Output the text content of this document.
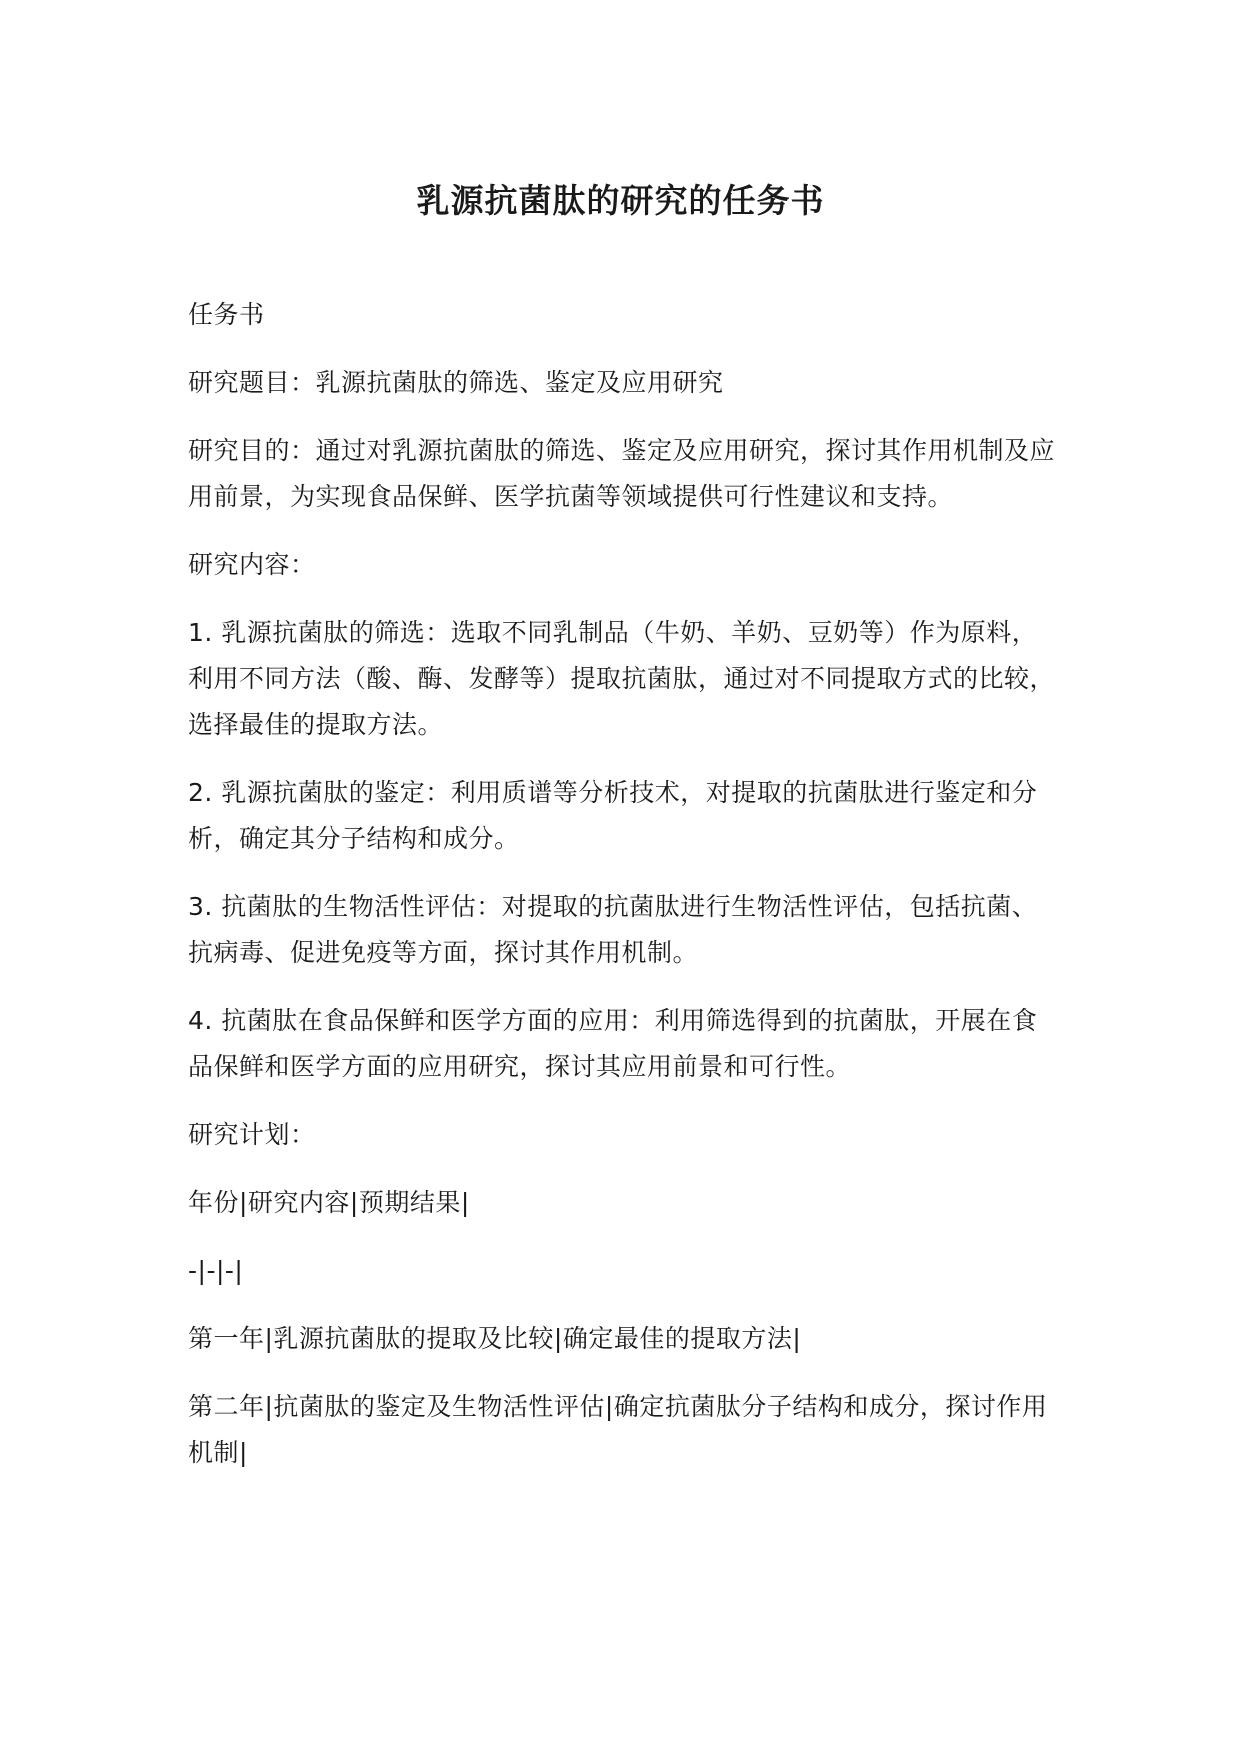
乳源抗菌肽的研究的任务书

任务书

研究题目：乳源抗菌肽的筛选、鉴定及应用研究

研究目的：通过对乳源抗菌肽的筛选、鉴定及应用研究，探讨其作用机制及应用前景，为实现食品保鲜、医学抗菌等领域提供可行性建议和支持。

研究内容：

1. 乳源抗菌肽的筛选：选取不同乳制品（牛奶、羊奶、豆奶等）作为原料，利用不同方法（酸、酶、发酵等）提取抗菌肽，通过对不同提取方式的比较，选择最佳的提取方法。

2. 乳源抗菌肽的鉴定：利用质谱等分析技术，对提取的抗菌肽进行鉴定和分析，确定其分子结构和成分。

3. 抗菌肽的生物活性评估：对提取的抗菌肽进行生物活性评估，包括抗菌、抗病毒、促进免疫等方面，探讨其作用机制。

4. 抗菌肽在食品保鲜和医学方面的应用：利用筛选得到的抗菌肽，开展在食品保鲜和医学方面的应用研究，探讨其应用前景和可行性。

研究计划：

年份|研究内容|预期结果|

-|-|-|

第一年|乳源抗菌肽的提取及比较|确定最佳的提取方法|

第二年|抗菌肽的鉴定及生物活性评估|确定抗菌肽分子结构和成分，探讨作用机制|
